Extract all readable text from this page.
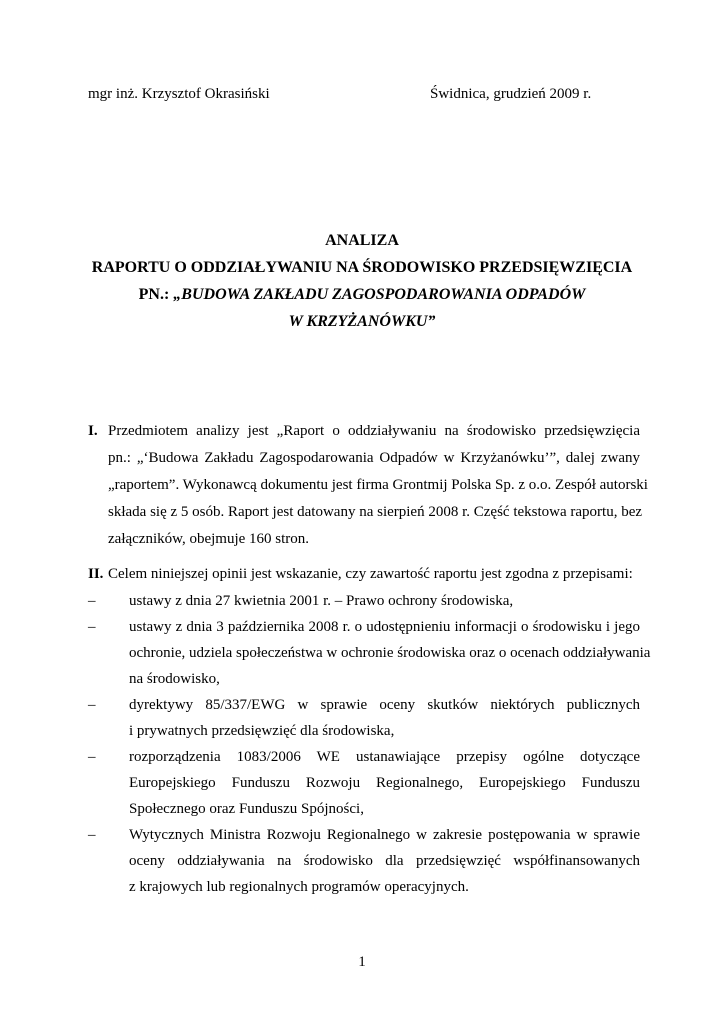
mgr inż. Krzysztof Okrasiński	Świdnica, grudzień 2009 r.
ANALIZA
RAPORTU O ODDZIAŁYWANIU NA ŚRODOWISKO PRZEDSIĘWZIĘCIA
PN.: „BUDOWA ZAKŁADU ZAGOSPODAROWANIA ODPADÓW
W KRZYŻANÓWKU”
I. Przedmiotem analizy jest „Raport o oddziaływaniu na środowisko przedsięwzięcia
pn.: „‘Budowa Zakładu Zagospodarowania Odpadów w Krzyżanówku’”, dalej zwany
„raportem”. Wykonawcą dokumentu jest firma Grontmij Polska Sp. z o.o. Zespół autorski
składa się z 5 osób. Raport jest datowany na sierpień 2008 r. Część tekstowa raportu, bez
załączników, obejmuje 160 stron.
II. Celem niniejszej opinii jest wskazanie, czy zawartość raportu jest zgodna z przepisami:
– ustawy z dnia 27 kwietnia 2001 r. – Prawo ochrony środowiska,
– ustawy z dnia 3 października 2008 r. o udostępnieniu informacji o środowisku i jego
ochronie, udziela społeczeństwa w ochronie środowiska oraz o ocenach oddziaływania
na środowisko,
– dyrektywy 85/337/EWG w sprawie oceny skutków niektórych publicznych
i prywatnych przedsięwzięć dla środowiska,
– rozporządzenia 1083/2006 WE ustanawiające przepisy ogólne dotyczące
Europejskiego Funduszu Rozwoju Regionalnego, Europejskiego Funduszu
Społecznego oraz Funduszu Spójności,
– Wytycznych Ministra Rozwoju Regionalnego w zakresie postępowania w sprawie
oceny oddziaływania na środowisko dla przedsięwzięć współfinansowanych
z krajowych lub regionalnych programów operacyjnych.
1
